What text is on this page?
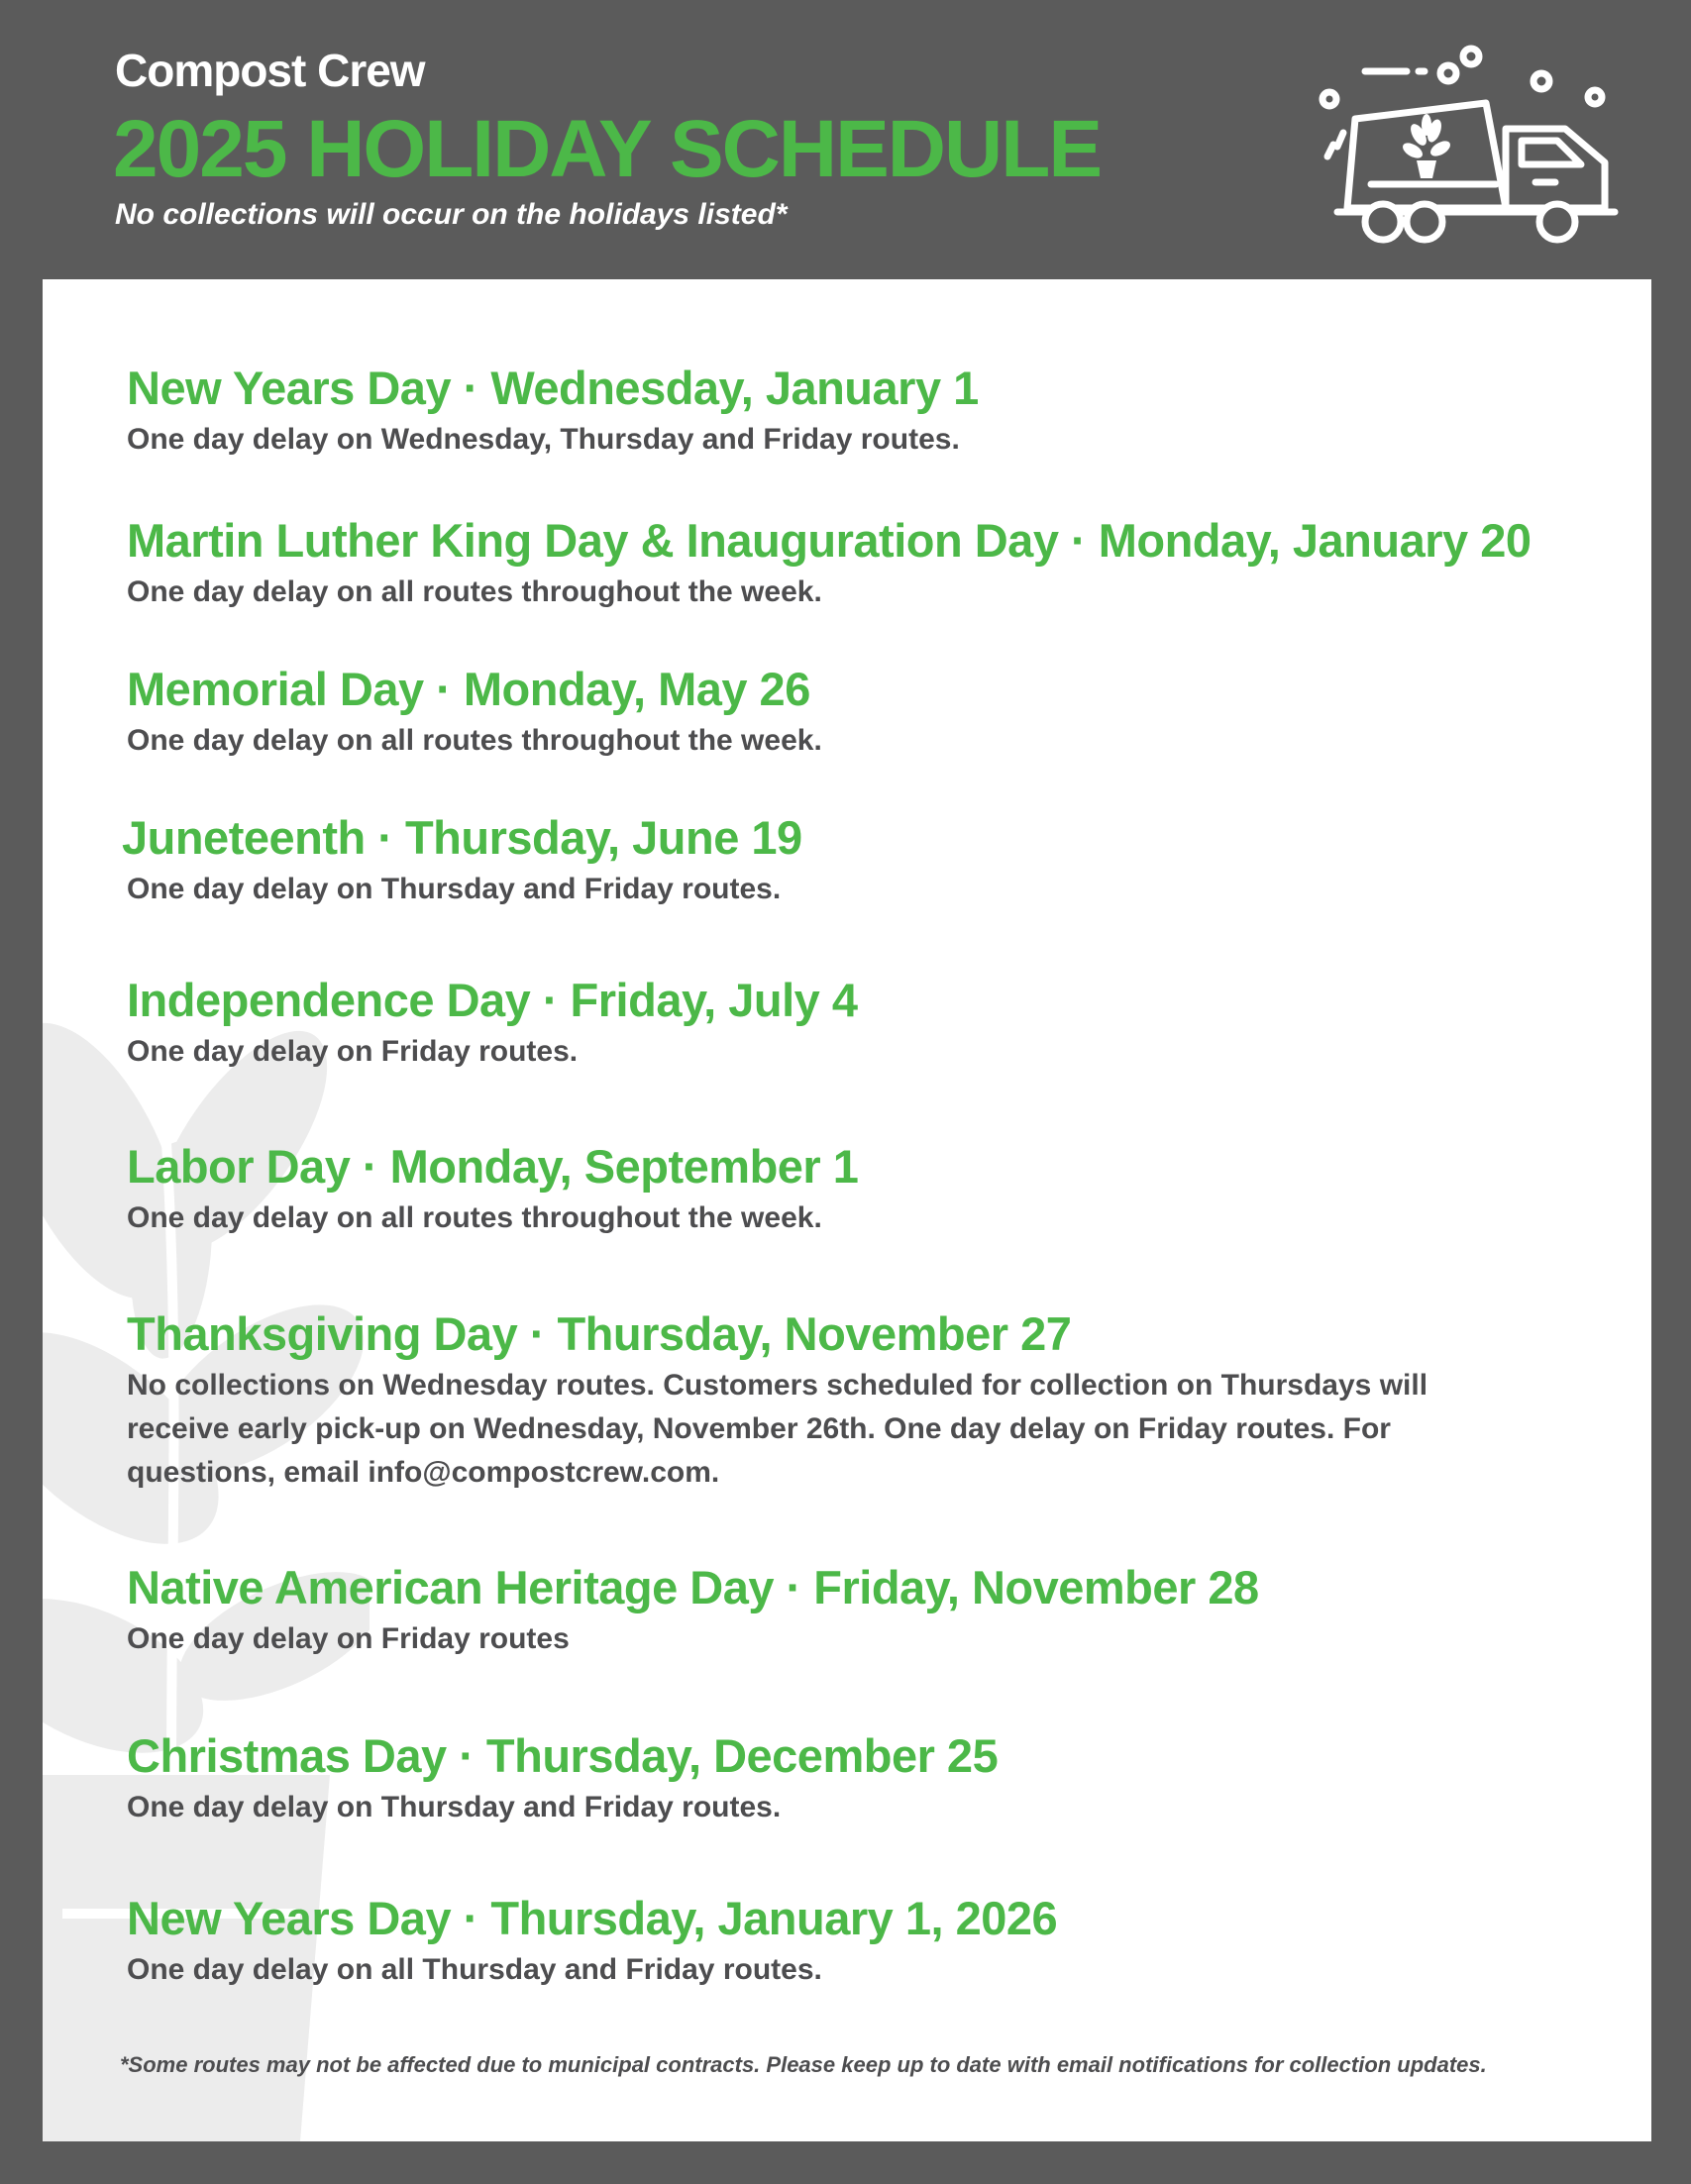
Compost Crew
2025 HOLIDAY SCHEDULE
No collections will occur on the holidays listed*
New Years Day · Wednesday, January 1
One day delay on Wednesday, Thursday and Friday routes.
Martin Luther King Day & Inauguration Day · Monday, January 20
One day delay on all routes throughout the week.
Memorial Day · Monday, May 26
One day delay on all routes throughout the week.
Juneteenth · Thursday, June 19
One day delay on Thursday and Friday routes.
Independence Day · Friday, July 4
One day delay on Friday routes.
Labor Day · Monday, September 1
One day delay on all routes throughout the week.
Thanksgiving Day · Thursday, November 27
No collections on Wednesday routes. Customers scheduled for collection on Thursdays will receive early pick-up on Wednesday, November 26th. One day delay on Friday routes. For questions, email info@compostcrew.com.
Native American Heritage Day · Friday, November 28
One day delay on Friday routes
Christmas Day · Thursday, December 25
One day delay on Thursday and Friday routes.
New Years Day · Thursday, January 1, 2026
One day delay on all Thursday and Friday routes.
*Some routes may not be affected due to municipal contracts. Please keep up to date with email notifications for collection updates.
